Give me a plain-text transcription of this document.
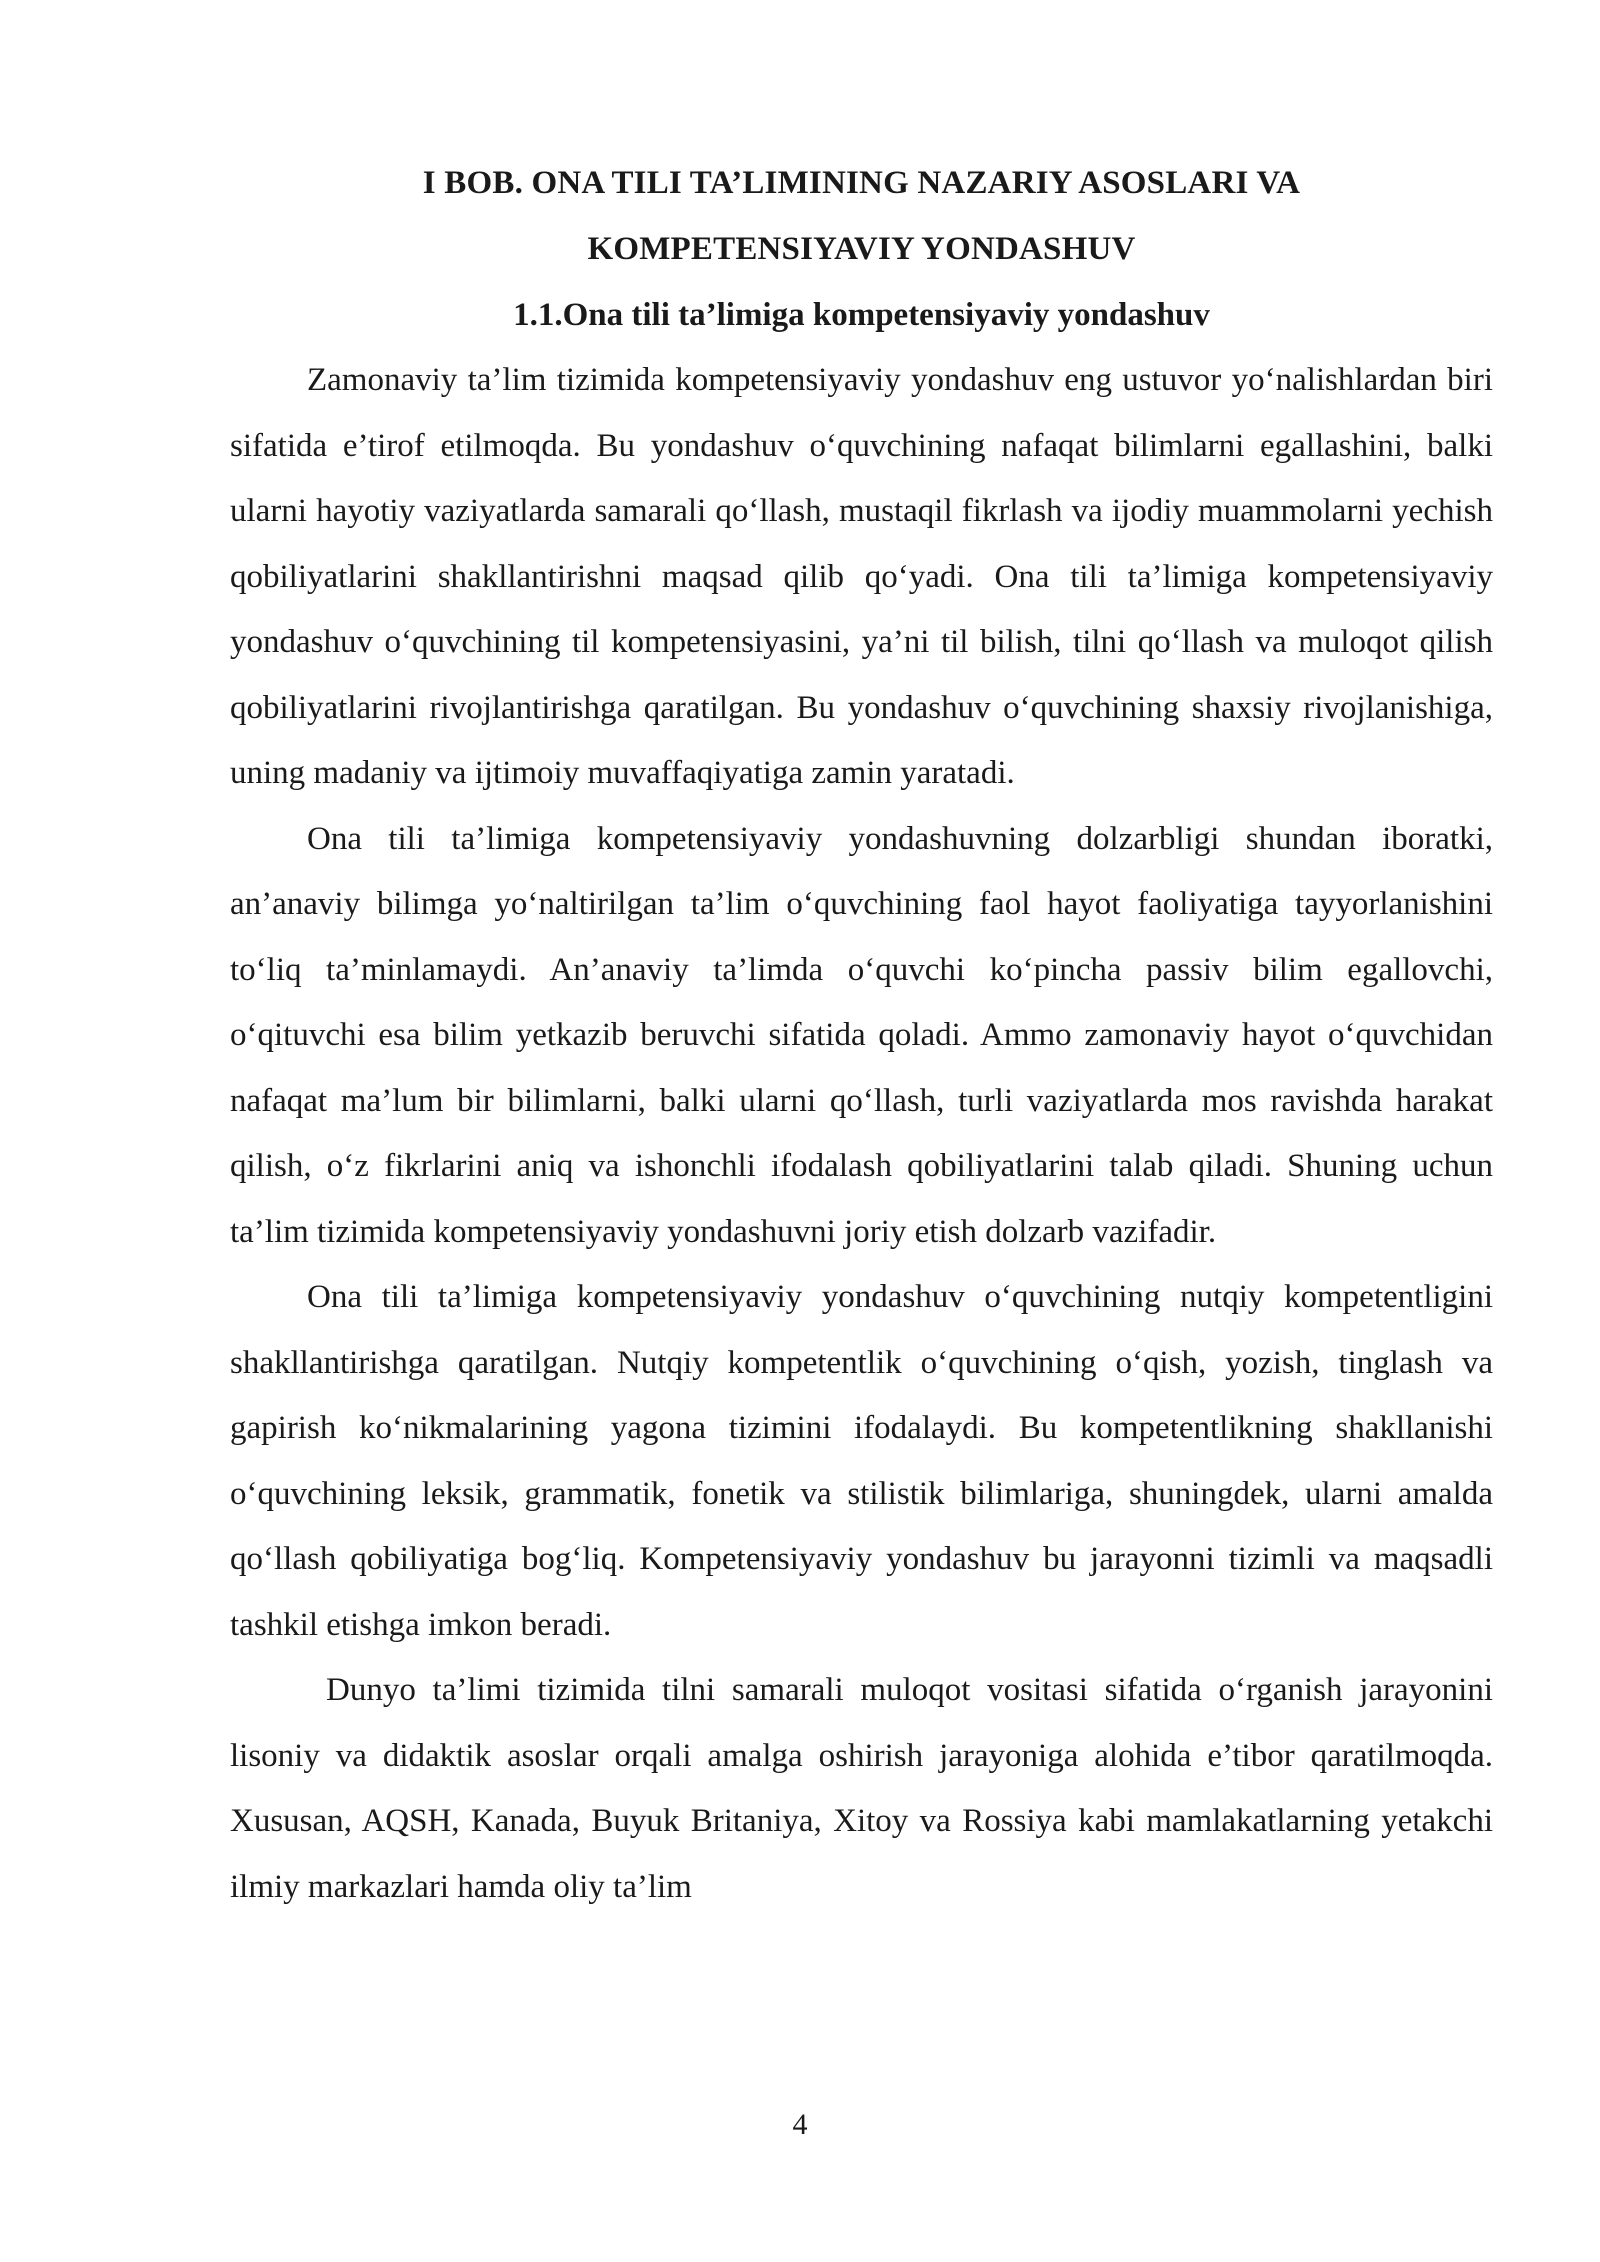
I BOB. ONA TILI TA’LIMINING NAZARIY ASOSLARI VA

KOMPETENSIYAVIY YONDASHUV

1.1.Ona tili ta’limiga kompetensiyaviy yondashuv

Zamonaviy ta’lim tizimida kompetensiyaviy yondashuv eng ustuvor yo‘nalishlardan biri sifatida e’tirof etilmoqda. Bu yondashuv o‘quvchining nafaqat bilimlarni egallashini, balki ularni hayotiy vaziyatlarda samarali qo‘llash, mustaqil fikrlash va ijodiy muammolarni yechish qobiliyatlarini shakllantirishni maqsad qilib qo‘yadi. Ona tili ta’limiga kompetensiyaviy yondashuv o‘quvchining til kompetensiyasini, ya’ni til bilish, tilni qo‘llash va muloqot qilish qobiliyatlarini rivojlantirishga qaratilgan. Bu yondashuv o‘quvchining shaxsiy rivojlanishiga, uning madaniy va ijtimoiy muvaffaqiyatiga zamin yaratadi.

Ona tili ta’limiga kompetensiyaviy yondashuvning dolzarbligi shundan iboratki, an’anaviy bilimga yo‘naltirilgan ta’lim o‘quvchining faol hayot faoliyatiga tayyorlanishini to‘liq ta’minlamaydi. An’anaviy ta’limda o‘quvchi ko‘pincha passiv bilim egallovchi, o‘qituvchi esa bilim yetkazib beruvchi sifatida qoladi. Ammo zamonaviy hayot o‘quvchidan nafaqat ma’lum bir bilimlarni, balki ularni qo‘llash, turli vaziyatlarda mos ravishda harakat qilish, o‘z fikrlarini aniq va ishonchli ifodalash qobiliyatlarini talab qiladi. Shuning uchun ta’lim tizimida kompetensiyaviy yondashuvni joriy etish dolzarb vazifadir.

Ona tili ta’limiga kompetensiyaviy yondashuv o‘quvchining nutqiy kompetentligini shakllantirishga qaratilgan. Nutqiy kompetentlik o‘quvchining o‘qish, yozish, tinglash va gapirish ko‘nikmalarining yagona tizimini ifodalaydi. Bu kompetentlikning shakllanishi o‘quvchining leksik, grammatik, fonetik va stilistik bilimlariga, shuningdek, ularni amalda qo‘llash qobiliyatiga bog‘liq. Kompetensiyaviy yondashuv bu jarayonni tizimli va maqsadli tashkil etishga imkon beradi.

Dunyo ta’limi tizimida tilni samarali muloqot vositasi sifatida o‘rganish jarayonini lisoniy va didaktik asoslar orqali amalga oshirish jarayoniga alohida e’tibor qaratilmoqda. Xususan, AQSH, Kanada, Buyuk Britaniya, Xitoy va Rossiya kabi mamlakatlarning yetakchi ilmiy markazlari hamda oliy ta’lim

4
